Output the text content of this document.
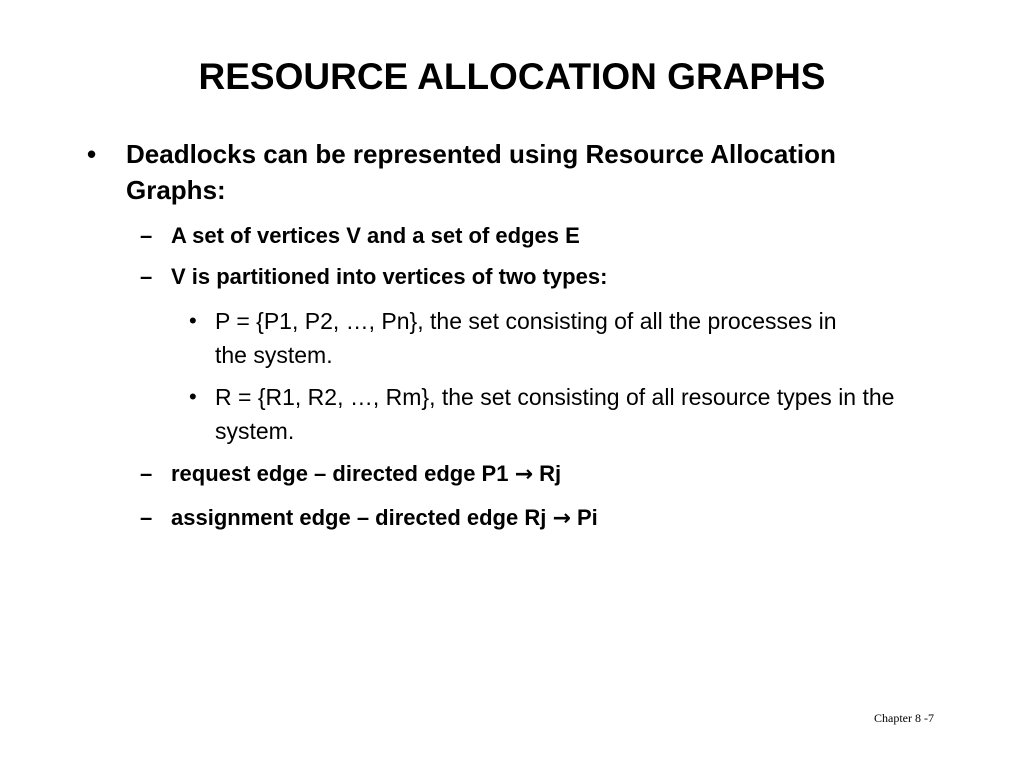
RESOURCE ALLOCATION GRAPHS
• Deadlocks can be represented using Resource Allocation Graphs:
– A set of vertices V and a set of edges E
– V is partitioned into vertices of two types:
• P = {P1, P2, …, Pn}, the set consisting of all the processes in the system.
• R = {R1, R2, …, Rm}, the set consisting of all resource types in the system.
– request edge – directed edge P1 → Rj
– assignment edge – directed edge Rj → Pi
Chapter 8 -7
